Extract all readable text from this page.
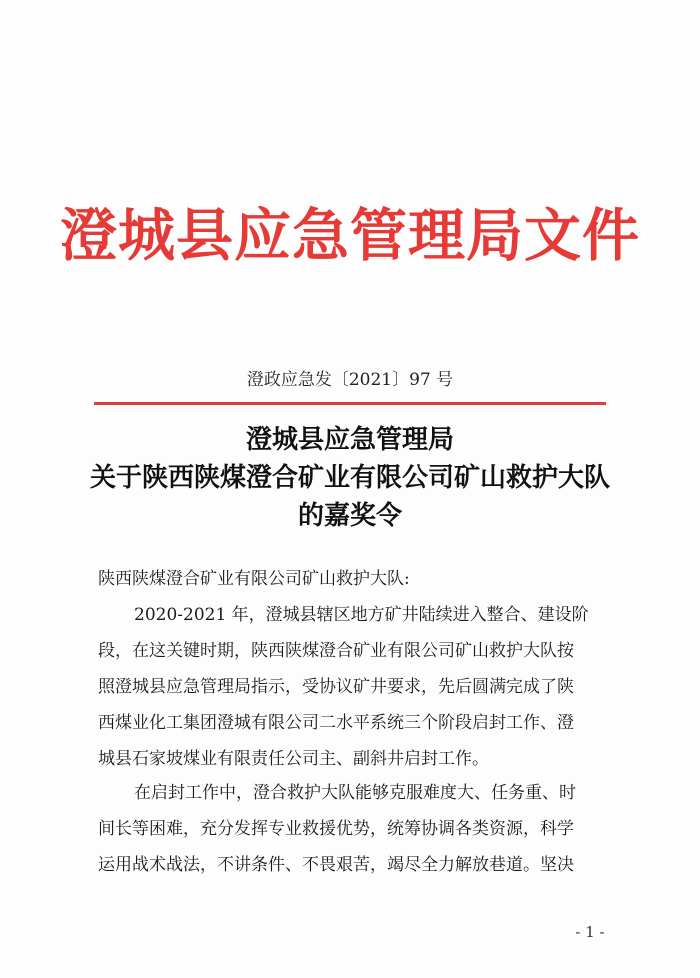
澄城县应急管理局文件
澄政应急发〔2021〕97 号
澄城县应急管理局
关于陕西陕煤澄合矿业有限公司矿山救护大队
的嘉奖令
陕西陕煤澄合矿业有限公司矿山救护大队:
2020-2021 年，澄城县辖区地方矿井陆续进入整合、建设阶
段，在这关键时期，陕西陕煤澄合矿业有限公司矿山救护大队按
照澄城县应急管理局指示，受协议矿井要求，先后圆满完成了陕
西煤业化工集团澄城有限公司二水平系统三个阶段启封工作、澄
城县石家坡煤业有限责任公司主、副斜井启封工作。
在启封工作中，澄合救护大队能够克服难度大、任务重、时
间长等困难，充分发挥专业救援优势，统筹协调各类资源，科学
运用战术战法，不讲条件、不畏艰苦，竭尽全力解放巷道。坚决
- 1 -
